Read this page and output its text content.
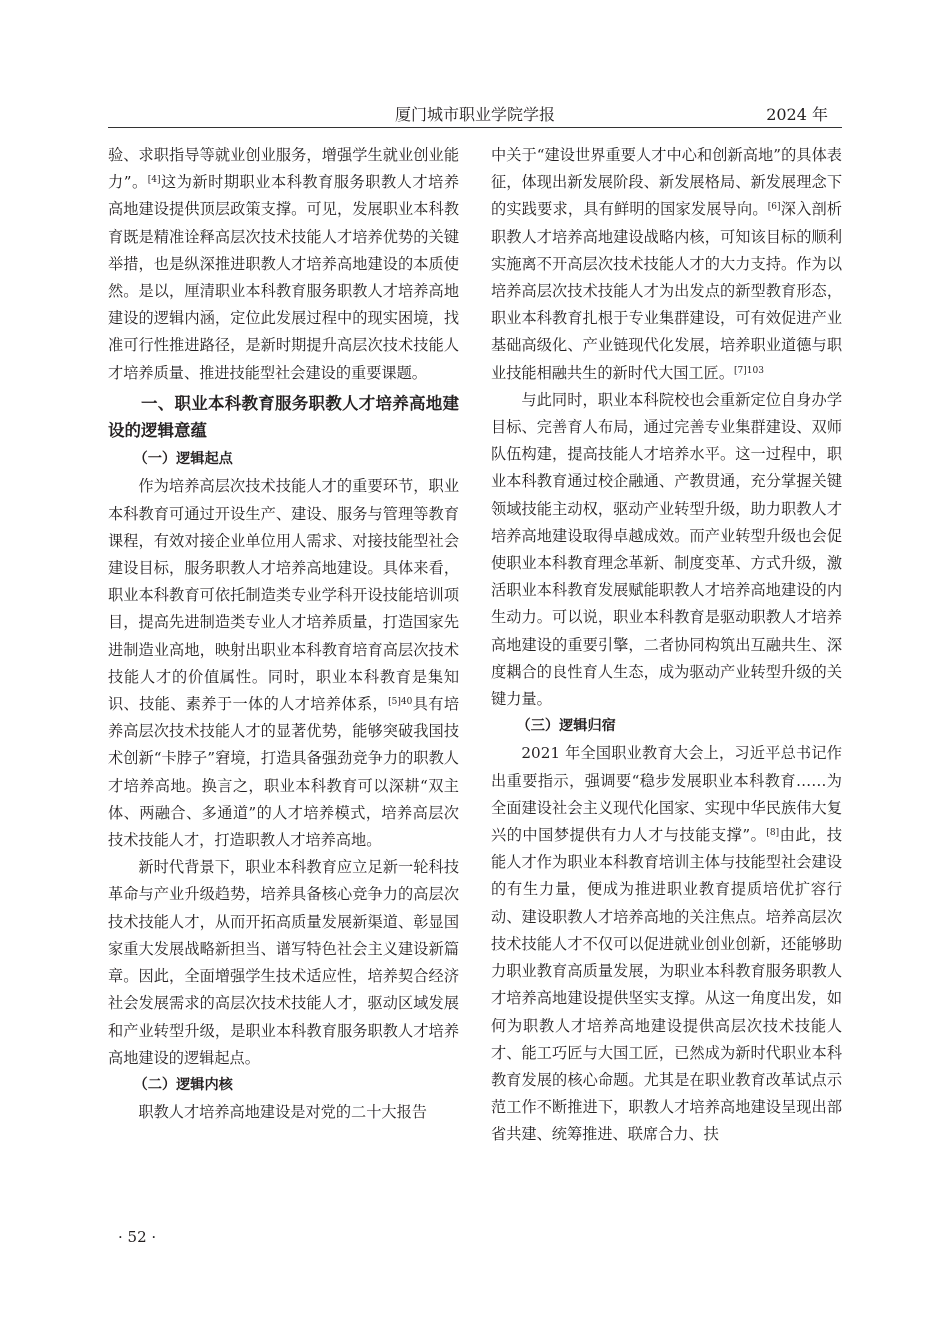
厦门城市职业学院学报	2024 年

验、求职指导等就业创业服务，增强学生就业创业能力”。[4]这为新时期职业本科教育服务职教人才培养高地建设提供顶层政策支撑。可见，发展职业本科教育既是精准诠释高层次技术技能人才培养优势的关键举措，也是纵深推进职教人才培养高地建设的本质使然。是以，厘清职业本科教育服务职教人才培养高地建设的逻辑内涵，定位此发展过程中的现实困境，找准可行性推进路径，是新时期提升高层次技术技能人才培养质量、推进技能型社会建设的重要课题。

一、职业本科教育服务职教人才培养高地建设的逻辑意蕴
（一）逻辑起点

作为培养高层次技术技能人才的重要环节，职业本科教育可通过开设生产、建设、服务与管理等教育课程，有效对接企业单位用人需求、对接技能型社会建设目标，服务职教人才培养高地建设。具体来看，职业本科教育可依托制造类专业学科开设技能培训项目，提高先进制造类专业人才培养质量，打造国家先进制造业高地，映射出职业本科教育培育高层次技术技能人才的价值属性。同时，职业本科教育是集知识、技能、素养于一体的人才培养体系，$^{[5]40}$具有培养高层次技术技能人才的显著优势，能够突破我国技术创新“卡脖子”窘境，打造具备强劲竞争力的职教人才培养高地。换言之，职业本科教育可以深耕“双主体、两融合、多通道”的人才培养模式，培养高层次技术技能人才，打造职教人才培养高地。

新时代背景下，职业本科教育应立足新一轮科技革命与产业升级趋势，培养具备核心竞争力的高层次技术技能人才，从而开拓高质量发展新渠道、彰显国家重大发展战略新担当、谱写特色社会主义建设新篇章。因此，全面增强学生技术适应性，培养契合经济社会发展需求的高层次技术技能人才，驱动区域发展和产业转型升级，是职业本科教育服务职教人才培养高地建设的逻辑起点。

（二）逻辑内核

职教人才培养高地建设是对党的二十大报告

中关于“建设世界重要人才中心和创新高地”的具体表征，体现出新发展阶段、新发展格局、新发展理念下的实践要求，具有鲜明的国家发展导向。[6]深入剖析职教人才培养高地建设战略内核，可知该目标的顺利实施离不开高层次技术技能人才的大力支持。作为以培养高层次技术技能人才为出发点的新型教育形态，职业本科教育扎根于专业集群建设，可有效促进产业基础高级化、产业链现代化发展，培养职业道德与职业技能相融共生的新时代大国工匠。$^{[7]103}$

与此同时，职业本科院校也会重新定位自身办学目标、完善育人布局，通过完善专业集群建设、双师队伍构建，提高技能人才培养水平。这一过程中，职业本科教育通过校企融通、产教贯通，充分掌握关键领域技能主动权，驱动产业转型升级，助力职教人才培养高地建设取得卓越成效。而产业转型升级也会促使职业本科教育理念革新、制度变革、方式升级，激活职业本科教育发展赋能职教人才培养高地建设的内生动力。可以说，职业本科教育是驱动职教人才培养高地建设的重要引擎，二者协同构筑出互融共生、深度耦合的良性育人生态，成为驱动产业转型升级的关键力量。

（三）逻辑归宿

2021 年全国职业教育大会上，习近平总书记作出重要指示，强调要“稳步发展职业本科教育……为全面建设社会主义现代化国家、实现中华民族伟大复兴的中国梦提供有力人才与技能支撑”。[8]由此，技能人才作为职业本科教育培训主体与技能型社会建设的有生力量，便成为推进职业教育提质培优扩容行动、建设职教人才培养高地的关注焦点。培养高层次技术技能人才不仅可以促进就业创业创新，还能够助力职业教育高质量发展，为职业本科教育服务职教人才培养高地建设提供坚实支撑。从这一角度出发，如何为职教人才培养高地建设提供高层次技术技能人才、能工巧匠与大国工匠，已然成为新时代职业本科教育发展的核心命题。尤其是在职业教育改革试点示范工作不断推进下，职教人才培养高地建设呈现出部省共建、统筹推进、联席合力、扶

· 52 ·
